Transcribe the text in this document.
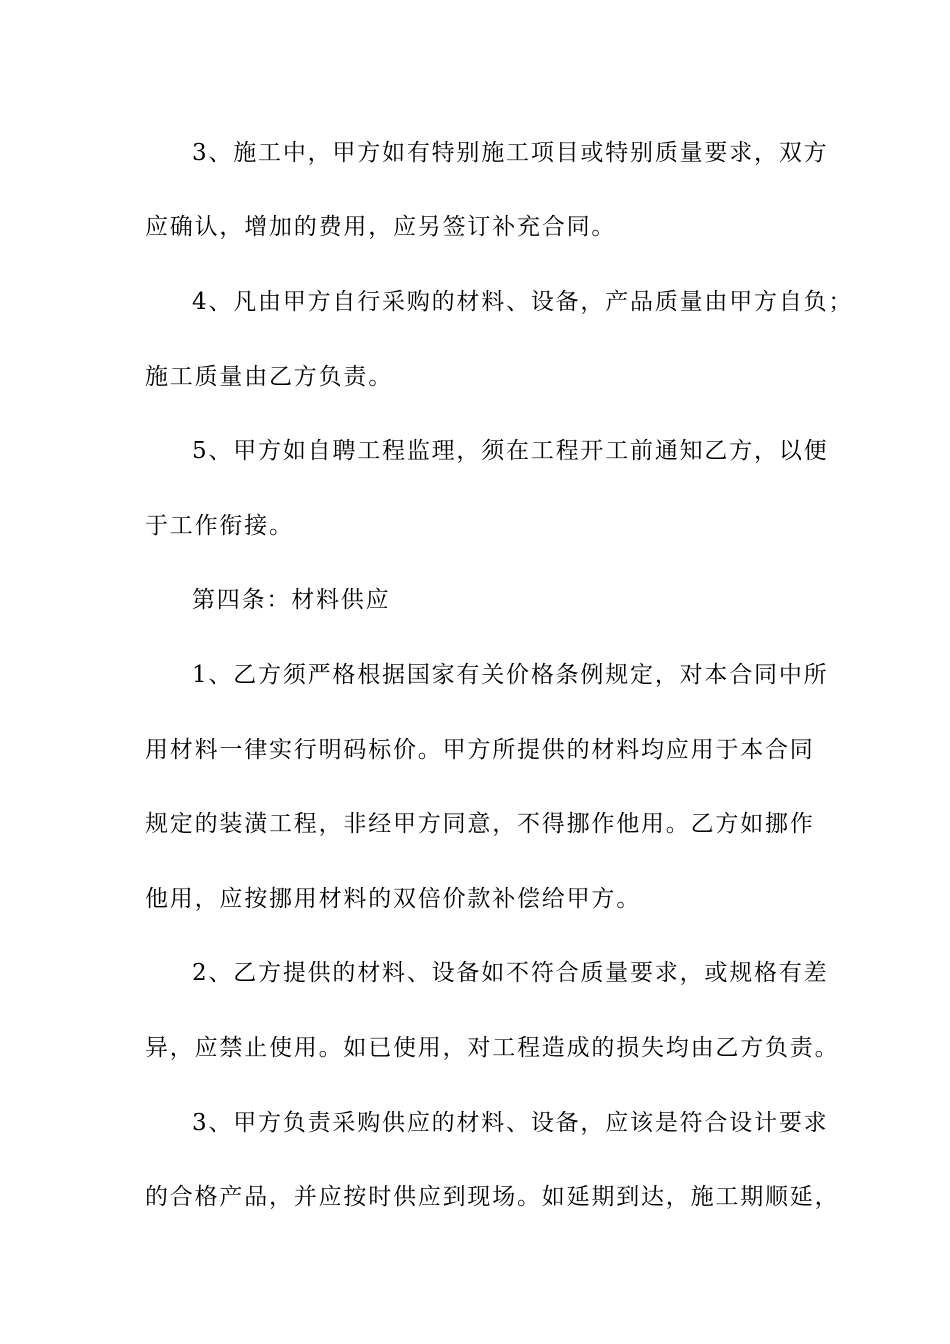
3、施工中，甲方如有特别施工项目或特别质量要求，双方
应确认，增加的费用，应另签订补充合同。
4、凡由甲方自行采购的材料、设备，产品质量由甲方自负；
施工质量由乙方负责。
5、甲方如自聘工程监理，须在工程开工前通知乙方，以便
于工作衔接。
第四条：材料供应
1、乙方须严格根据国家有关价格条例规定，对本合同中所
用材料一律实行明码标价。甲方所提供的材料均应用于本合同
规定的装潢工程，非经甲方同意，不得挪作他用。乙方如挪作
他用，应按挪用材料的双倍价款补偿给甲方。
2、乙方提供的材料、设备如不符合质量要求，或规格有差
异，应禁止使用。如已使用，对工程造成的损失均由乙方负责。
3、甲方负责采购供应的材料、设备，应该是符合设计要求
的合格产品，并应按时供应到现场。如延期到达，施工期顺延，
